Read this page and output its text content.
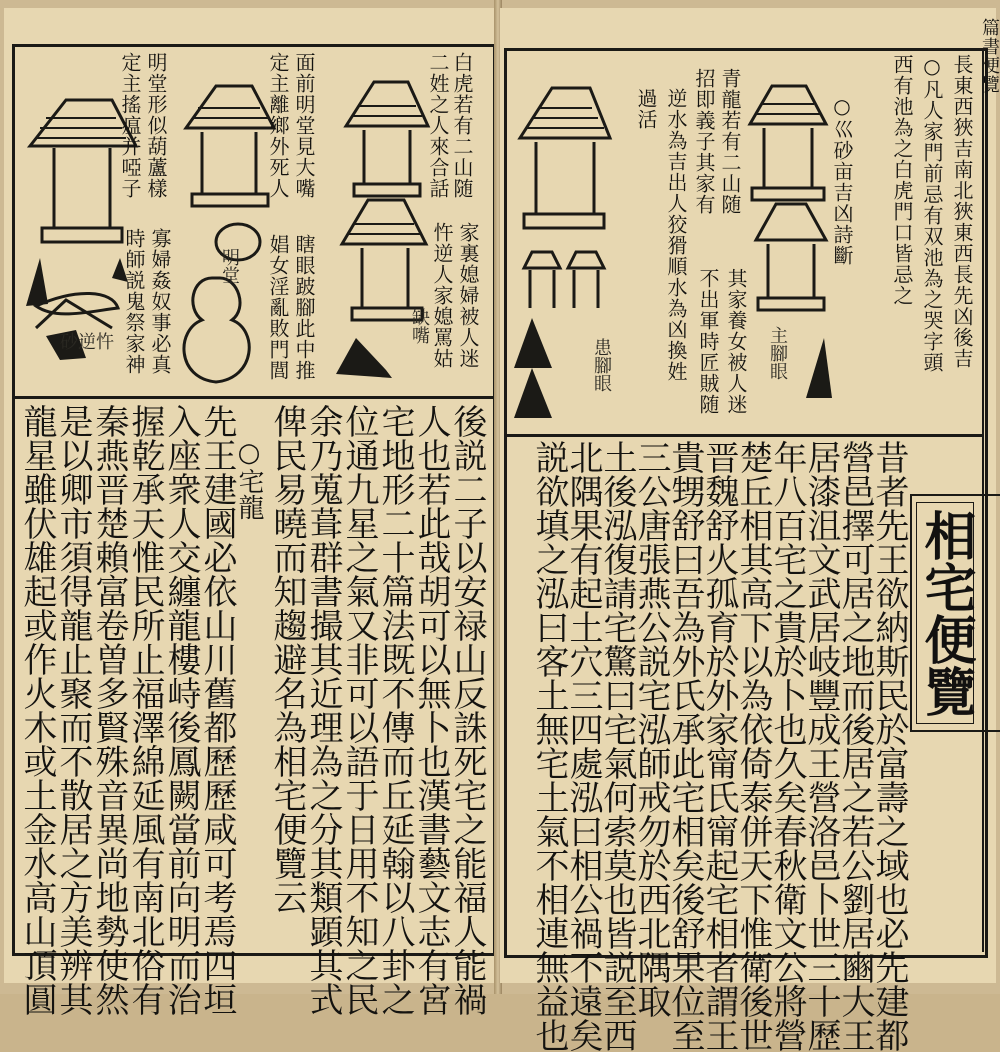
明堂
缺嘴
砂逆忤
白虎若有二山随
二姓之人來合話
家裏媳婦被人迷
忤逆人家媳罵姑
面前明堂見大嘴
定主離鄉外死人
瞎眼跛腳此中推
娼女淫亂敗門閭
明堂形似葫蘆樣
定主搖瘟并啞子
寡婦姦奴事必真
時師説鬼祭家神
後説二子以安禄山反誅死宅之能福人能禍
人也若此哉胡可以無卜也漢書藝文志有宮
宅地形二十篇法既不傳而丘延翰以八卦之
位通九星之氣又非可以語于日用不知之民
余乃蒐葺群書撮其近理為之分其類顕其式
俾民易曉而知趨避名為相宅便覽云
○宅龍
先王建國必依山川舊都歷歷咸可考焉四垣
入座衆人交纏龍樓峙後鳳闕當前向明而治
握乾承天惟民所止福澤綿延風有南北俗有
秦燕晋楚賴富卷曽多賢殊音異尚地勢使然
是以卿市須得龍止聚而不散居之方美辨其
龍星雖伏雄起或作火木或土金水高山頂圓
篇書便覽
長東西狹吉南北狹東西長先凶後吉
○凡人家門前忌有双池為之哭字頭
西有池為之白虎門口皆忌之
○巛砂亩吉凶詩斷
青龍若有二山随
招即義子其家有
逆水為吉出人狡猾順水為凶換姓
過活
其家養女被人迷
不出軍時匠賊随	主腳眼
患腳眼
相宅便覽
昔者先王欲納斯民於富壽之域也必先建都
營邑擇可居之地而後居之若公劉居豳大王
居漆沮文武居岐豐成王營洛邑卜世三十歷
年八百宅之貴於卜也久矣春秋衛文公將營
楚丘相其高下以為依倚泰併天下惟衛後世
晋魏舒火孤育於外家甯氏甯起宅相者謂王
貴甥舒曰吾為外氏承此宅相矣後舒果位至
三公唐張燕公説宅泓師戒勿於西北隅取
土後泓復請宅驚曰宅氣何索莫也皆説至西
北隅果有起土穴三四處泓曰相公禍不遠矣
説欲填之泓曰客土無宅土氣不相連無益也
